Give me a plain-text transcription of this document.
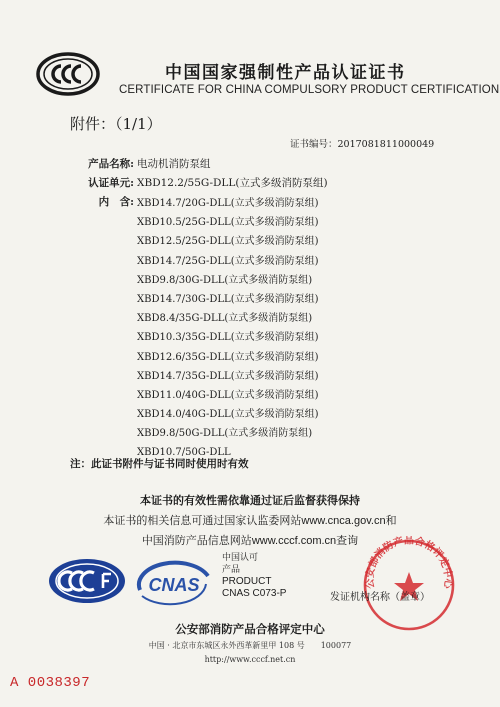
中国国家强制性产品认证证书
CERTIFICATE FOR CHINA COMPULSORY PRODUCT CERTIFICATION
附件：（1/1）
证书编号：2017081811000049
产品名称: 电动机消防泵组
认证单元: XBD12.2/55G-DLL(立式多级消防泵组)
内　含: XBD14.7/20G-DLL(立式多级消防泵组)
XBD10.5/25G-DLL(立式多级消防泵组)
XBD12.5/25G-DLL(立式多级消防泵组)
XBD14.7/25G-DLL(立式多级消防泵组)
XBD9.8/30G-DLL(立式多级消防泵组)
XBD14.7/30G-DLL(立式多级消防泵组)
XBD8.4/35G-DLL(立式多级消防泵组)
XBD10.3/35G-DLL(立式多级消防泵组)
XBD12.6/35G-DLL(立式多级消防泵组)
XBD14.7/35G-DLL(立式多级消防泵组)
XBD11.0/40G-DLL(立式多级消防泵组)
XBD14.0/40G-DLL(立式多级消防泵组)
XBD9.8/50G-DLL(立式多级消防泵组)
XBD10.7/50G-DLL
注：此证书附件与证书同时使用时有效
本证书的有效性需依靠通过证后监督获得保持
本证书的相关信息可通过国家认监委网站www.cnca.gov.cn和
中国消防产品信息网站www.cccf.com.cn查询
CNAS
中国认可
产品
PRODUCT
CNAS C073-P
公安部消防产品合格评定中心
发证机构名称（盖章）
公安部消防产品合格评定中心
中国 · 北京市东城区永外西革新里甲 108 号　　100077
http://www.cccf.net.cn
A 0038397
